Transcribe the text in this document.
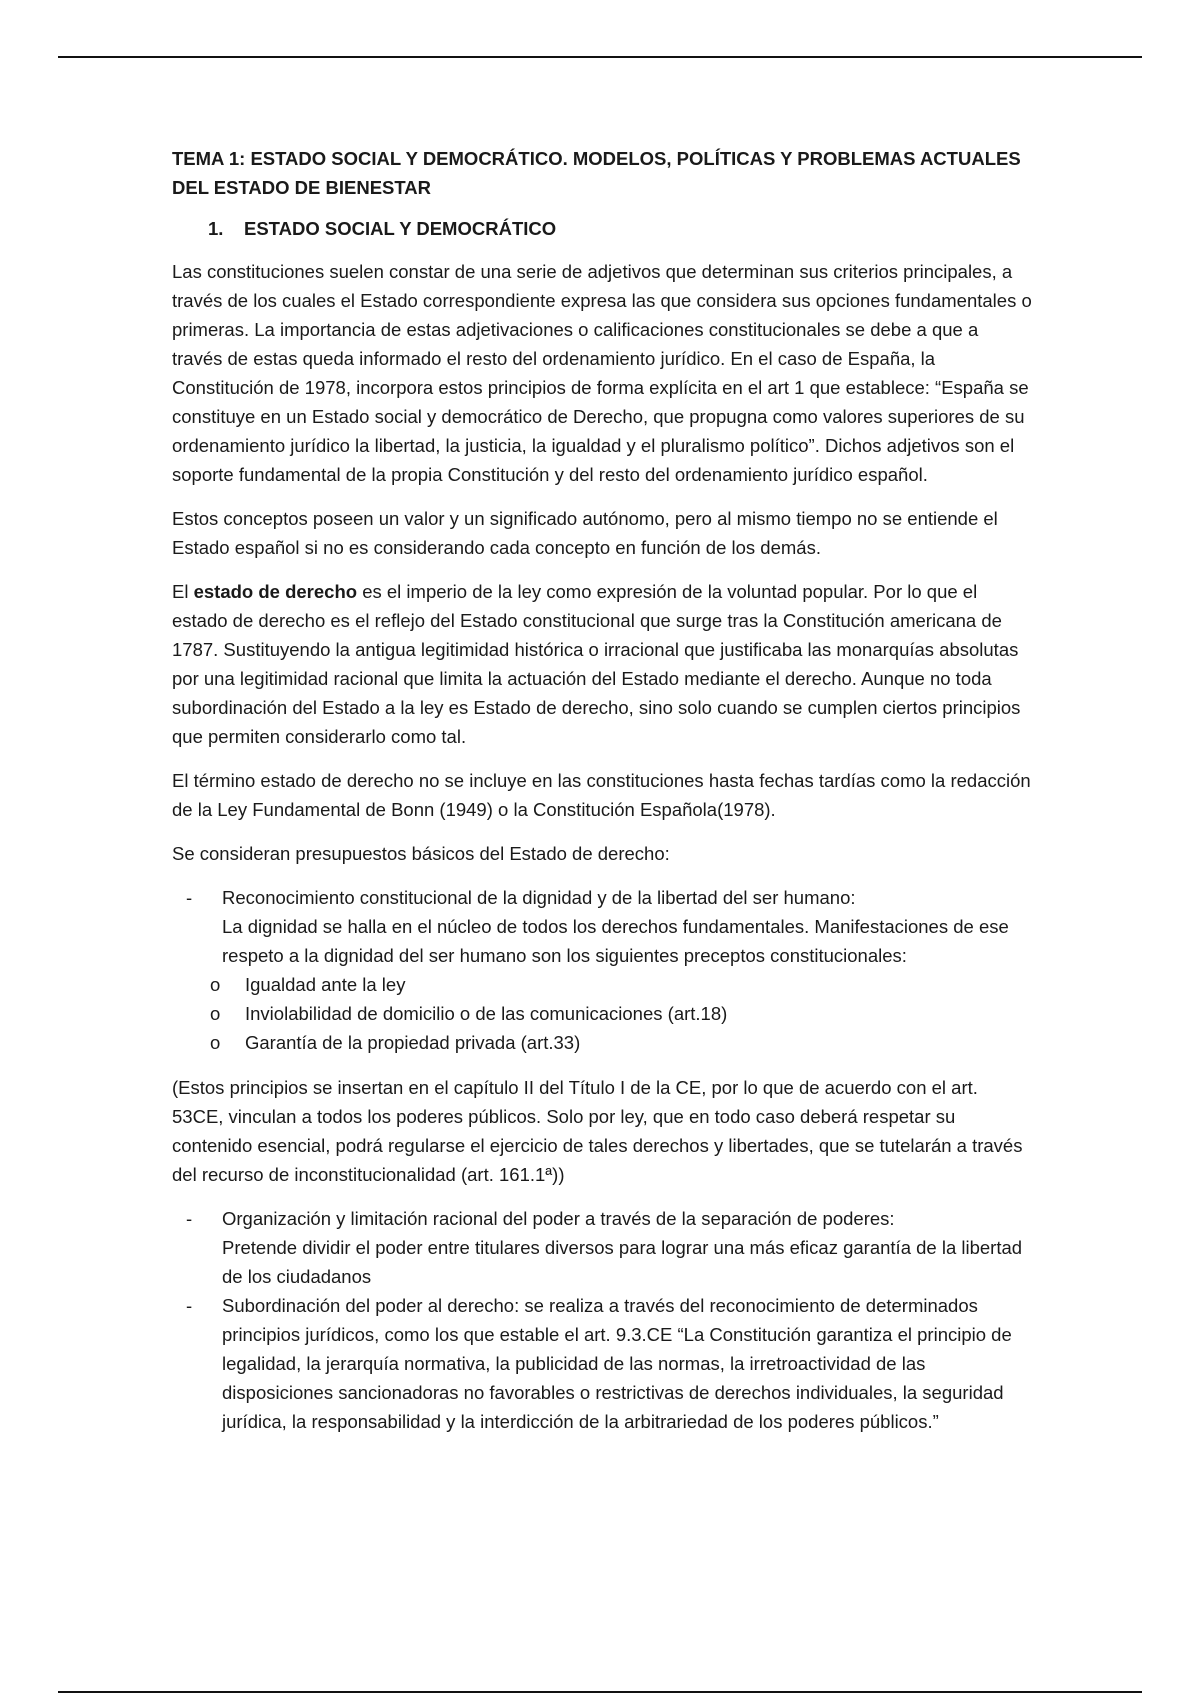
TEMA 1: ESTADO SOCIAL Y DEMOCRÁTICO. MODELOS, POLÍTICAS Y PROBLEMAS ACTUALES DEL ESTADO DE BIENESTAR
1. ESTADO SOCIAL Y DEMOCRÁTICO

Las constituciones suelen constar de una serie de adjetivos que determinan sus criterios principales, a través de los cuales el Estado correspondiente expresa las que considera sus opciones fundamentales o primeras. La importancia de estas adjetivaciones o calificaciones constitucionales se debe a que a través de estas queda informado el resto del ordenamiento jurídico. En el caso de España, la Constitución de 1978, incorpora estos principios de forma explícita en el art 1 que establece: “España se constituye en un Estado social y democrático de Derecho, que propugna como valores superiores de su ordenamiento jurídico la libertad, la justicia, la igualdad y el pluralismo político”. Dichos adjetivos son el soporte fundamental de la propia Constitución y del resto del ordenamiento jurídico español.

Estos conceptos poseen un valor y un significado autónomo, pero al mismo tiempo no se entiende el Estado español si no es considerando cada concepto en función de los demás.

El estado de derecho es el imperio de la ley como expresión de la voluntad popular. Por lo que el estado de derecho es el reflejo del Estado constitucional que surge tras la Constitución americana de 1787. Sustituyendo la antigua legitimidad histórica o irracional que justificaba las monarquías absolutas por una legitimidad racional que limita la actuación del Estado mediante el derecho. Aunque no toda subordinación del Estado a la ley es Estado de derecho, sino solo cuando se cumplen ciertos principios que permiten considerarlo como tal.

El término estado de derecho no se incluye en las constituciones hasta fechas tardías como la redacción de la Ley Fundamental de Bonn (1949) o la Constitución Española(1978).

Se consideran presupuestos básicos del Estado de derecho:

- Reconocimiento constitucional de la dignidad y de la libertad del ser humano:
La dignidad se halla en el núcleo de todos los derechos fundamentales. Manifestaciones de ese respeto a la dignidad del ser humano son los siguientes preceptos constitucionales:
o Igualdad ante la ley
o Inviolabilidad de domicilio o de las comunicaciones (art.18)
o Garantía de la propiedad privada (art.33)

(Estos principios se insertan en el capítulo II del Título I de la CE, por lo que de acuerdo con el art. 53CE, vinculan a todos los poderes públicos. Solo por ley, que en todo caso deberá respetar su contenido esencial, podrá regularse el ejercicio de tales derechos y libertades, que se tutelarán a través del recurso de inconstitucionalidad (art. 161.1ª))

- Organización y limitación racional del poder a través de la separación de poderes:
Pretende dividir el poder entre titulares diversos para lograr una más eficaz garantía de la libertad de los ciudadanos
- Subordinación del poder al derecho: se realiza a través del reconocimiento de determinados principios jurídicos, como los que estable el art. 9.3.CE “La Constitución garantiza el principio de legalidad, la jerarquía normativa, la publicidad de las normas, la irretroactividad de las disposiciones sancionadoras no favorables o restrictivas de derechos individuales, la seguridad jurídica, la responsabilidad y la interdicción de la arbitrariedad de los poderes públicos.”
